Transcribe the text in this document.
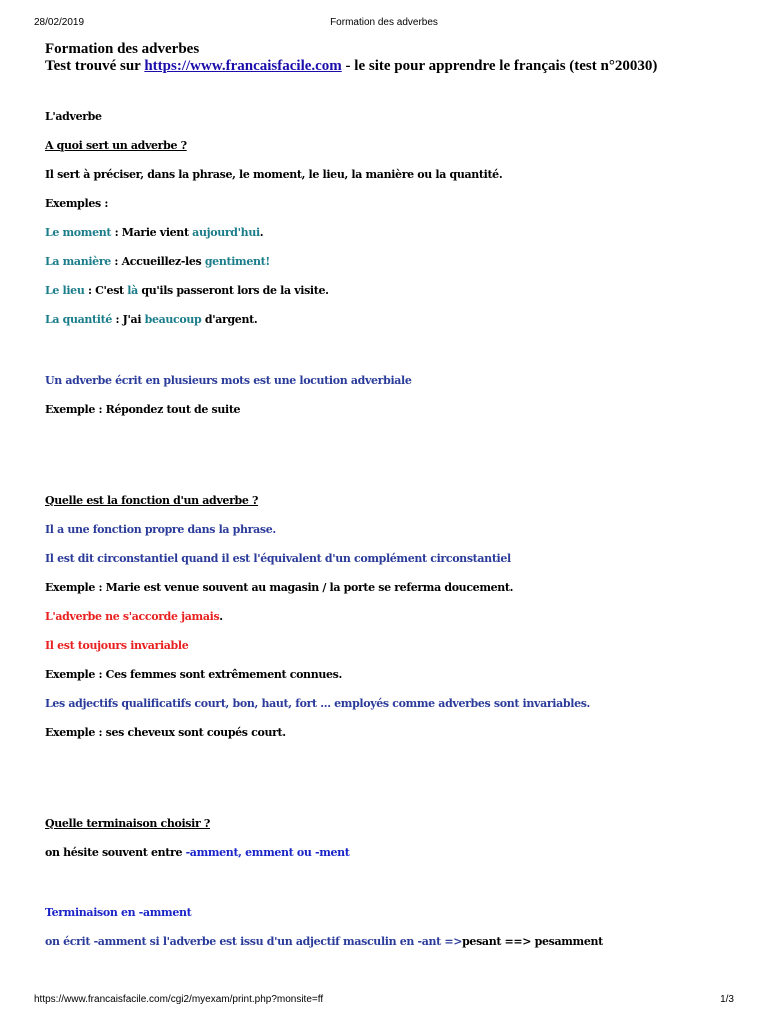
28/02/2019	Formation des adverbes
Formation des adverbes
Test trouvé sur https://www.francaisfacile.com - le site pour apprendre le français (test n°20030)

L'adverbe

A quoi sert un adverbe ?

Il sert à préciser, dans la phrase, le moment, le lieu, la manière ou la quantité.

Exemples :

Le moment : Marie vient aujourd'hui.

La manière : Accueillez-les gentiment!

Le lieu : C'est là qu'ils passeront lors de la visite.

La quantité : J'ai beaucoup d'argent.

Un adverbe écrit en plusieurs mots est une locution adverbiale

Exemple : Répondez tout de suite

Quelle est la fonction d'un adverbe ?

Il a une fonction propre dans la phrase.

Il est dit circonstantiel quand il est l'équivalent d'un complément circonstantiel

Exemple : Marie est venue souvent au magasin / la porte se referma doucement.

L'adverbe ne s'accorde jamais.

Il est toujours invariable

Exemple : Ces femmes sont extrêmement connues.

Les adjectifs qualificatifs court, bon, haut, fort ... employés comme adverbes sont invariables.

Exemple : ses cheveux sont coupés court.

Quelle terminaison choisir ?

on hésite souvent entre -amment, emment ou -ment

Terminaison en -amment

on écrit -amment si l'adverbe est issu d'un adjectif masculin en -ant =>pesant ==> pesamment

https://www.francaisfacile.com/cgi2/myexam/print.php?monsite=ff	1/3
